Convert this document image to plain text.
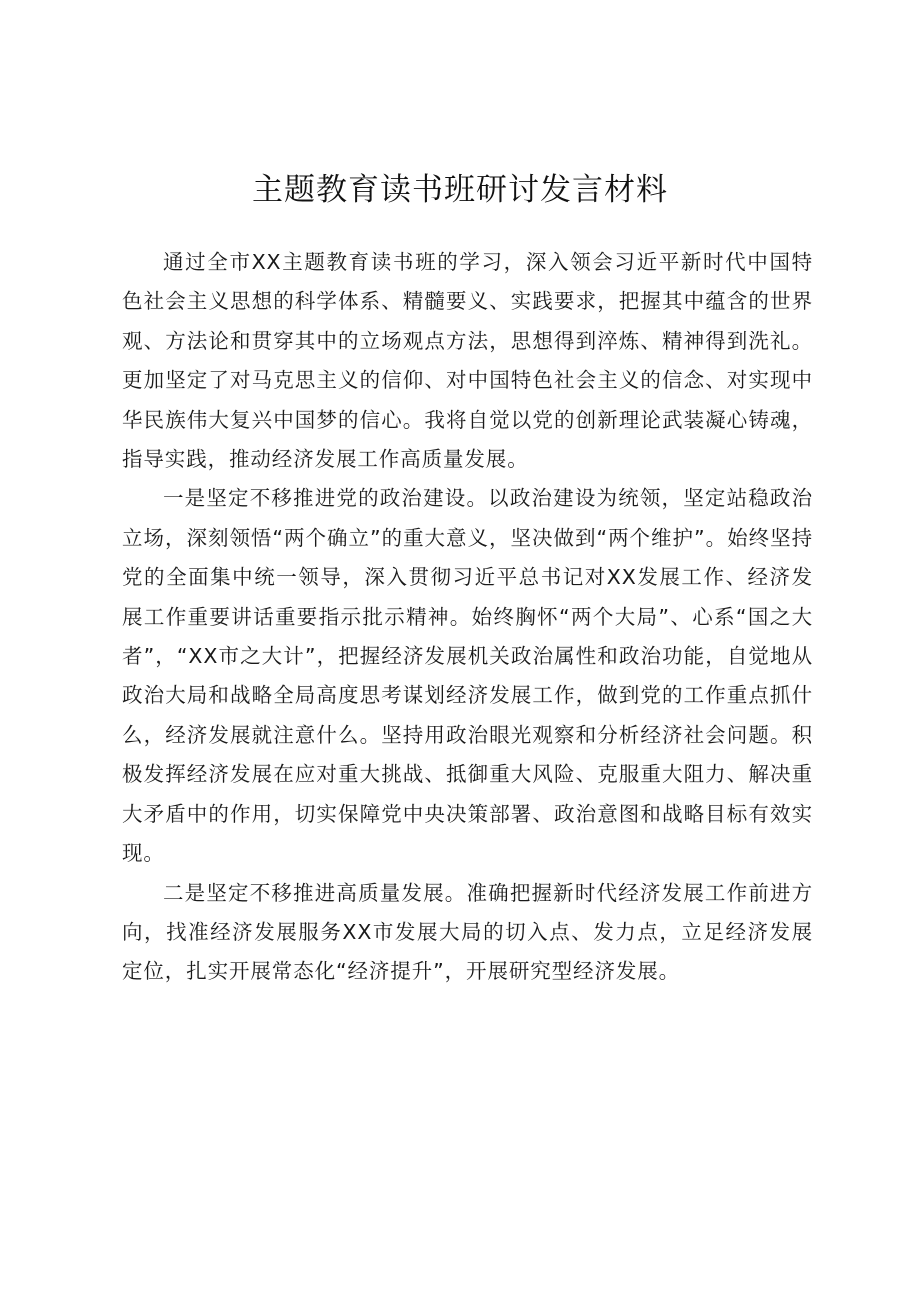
主题教育读书班研讨发言材料

通过全市XX主题教育读书班的学习，深入领会习近平新时代中国特色社会主义思想的科学体系、精髓要义、实践要求，把握其中蕴含的世界观、方法论和贯穿其中的立场观点方法，思想得到淬炼、精神得到洗礼。更加坚定了对马克思主义的信仰、对中国特色社会主义的信念、对实现中华民族伟大复兴中国梦的信心。我将自觉以党的创新理论武装凝心铸魂，指导实践，推动经济发展工作高质量发展。

一是坚定不移推进党的政治建设。以政治建设为统领，坚定站稳政治立场，深刻领悟“两个确立”的重大意义，坚决做到“两个维护”。始终坚持党的全面集中统一领导，深入贯彻习近平总书记对XX发展工作、经济发展工作重要讲话重要指示批示精神。始终胸怀“两个大局”、心系“国之大者”，“XX市之大计”，把握经济发展机关政治属性和政治功能，自觉地从政治大局和战略全局高度思考谋划经济发展工作，做到党的工作重点抓什么，经济发展就注意什么。坚持用政治眼光观察和分析经济社会问题。积极发挥经济发展在应对重大挑战、抵御重大风险、克服重大阻力、解决重大矛盾中的作用，切实保障党中央决策部署、政治意图和战略目标有效实现。

二是坚定不移推进高质量发展。准确把握新时代经济发展工作前进方向，找准经济发展服务XX市发展大局的切入点、发力点，立足经济发展定位，扎实开展常态化“经济提升”，开展研究型经济发展。
